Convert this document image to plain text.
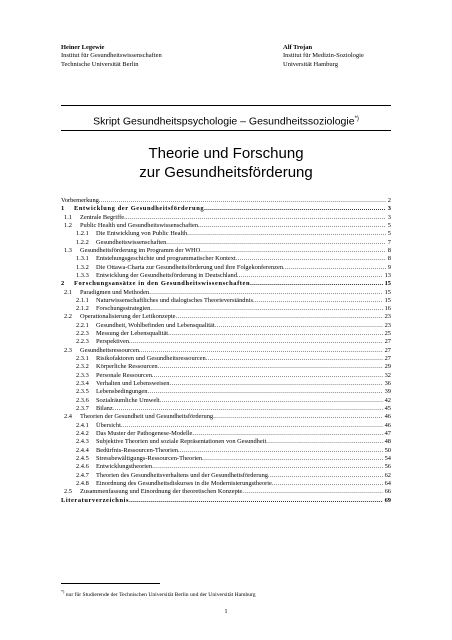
Heiner Legewie
Institut für Gesundheitswissenschaften
Technische Universität Berlin
Alf Trojan
Institut für Medizin-Soziologie
Universität Hamburg
Skript Gesundheitspsychologie – Gesundheitssoziologie*)
Theorie und Forschung
zur Gesundheitsförderung
Vorbemerkung . . .	2
1	Entwicklung der Gesundheitsförderung . . .	3
1.1	Zentrale Begriffe . . .	3
1.2	Public Health und Gesundheitswissenschaften . . .	5
1.2.1	Die Entwicklung von Public Health . . .	5
1.2.2	Gesundheitswissenschaften . . .	7
1.3	Gesundheitsförderung im Programm der WHO . . .	8
1.3.1	Entstehungsgeschichte und programmatischer Kontext . . .	8
1.3.2	Die Ottawa-Charta zur Gesundheitsförderung und ihre Folgekonferenzen . . .	9
1.3.3	Entwicklung der Gesundheitsförderung in Deutschland . . .	13
2	Forschungsansätze in den Gesundheitswissenschaften . . .	15
2.1	Paradigmen und Methoden . . .	15
2.1.1	Naturwissenschaftliches und dialogisches Theorieverständnis . . .	15
2.1.2	Forschungsstrategien . . .	16
2.2	Operationalisierung der Leitkonzepte . . .	23
2.2.1	Gesundheit, Wohlbefinden und Lebensqualität . . .	23
2.2.3	Messung der Lebensqualität . . .	25
2.2.3	Perspektiven . . .	27
2.3	Gesundheitsressourcen . . .	27
2.3.1	Risikofaktoren und Gesundheitsressourcen . . .	27
2.3.2	Körperliche Ressourcen . . .	29
2.3.3	Personale Ressourcen . . .	32
2.3.4	Verhalten und Lebensweisen . . .	36
2.3.5	Lebensbedingungen . . .	39
2.3.6	Sozialräumliche Umwelt . . .	42
2.3.7	Bilanz . . .	45
2.4	Theorien der Gesundheit und Gesundheitsförderung . . .	46
2.4.1	Übersicht . . .	46
2.4.2	Das Muster der Pathogenese-Modelle . . .	47
2.4.3	Subjektive Theorien und soziale Repräsentationen von Gesundheit . . .	48
2.4.4	Bedürfnis-Ressourcen-Theorien . . .	50
2.4.5	Stressbewältigungs-Ressourcen-Theorien . . .	54
2.4.6	Entwicklungstheorien . . .	56
2.4.7	Theorien des Gesundheitsverhaltens und der Gesundheitsförderung . . .	62
2.4.8	Einordnung des Gesundheitsdiskurses in die Modernisierungstheorie . . .	64
2.5	Zusammenfassung und Einordnung der theoretischen Konzepte . . .	66
Literaturverzeichnis . . .	69
*) nur für Studierende der Technischen Universität Berlin und der Universität Hamburg
1
